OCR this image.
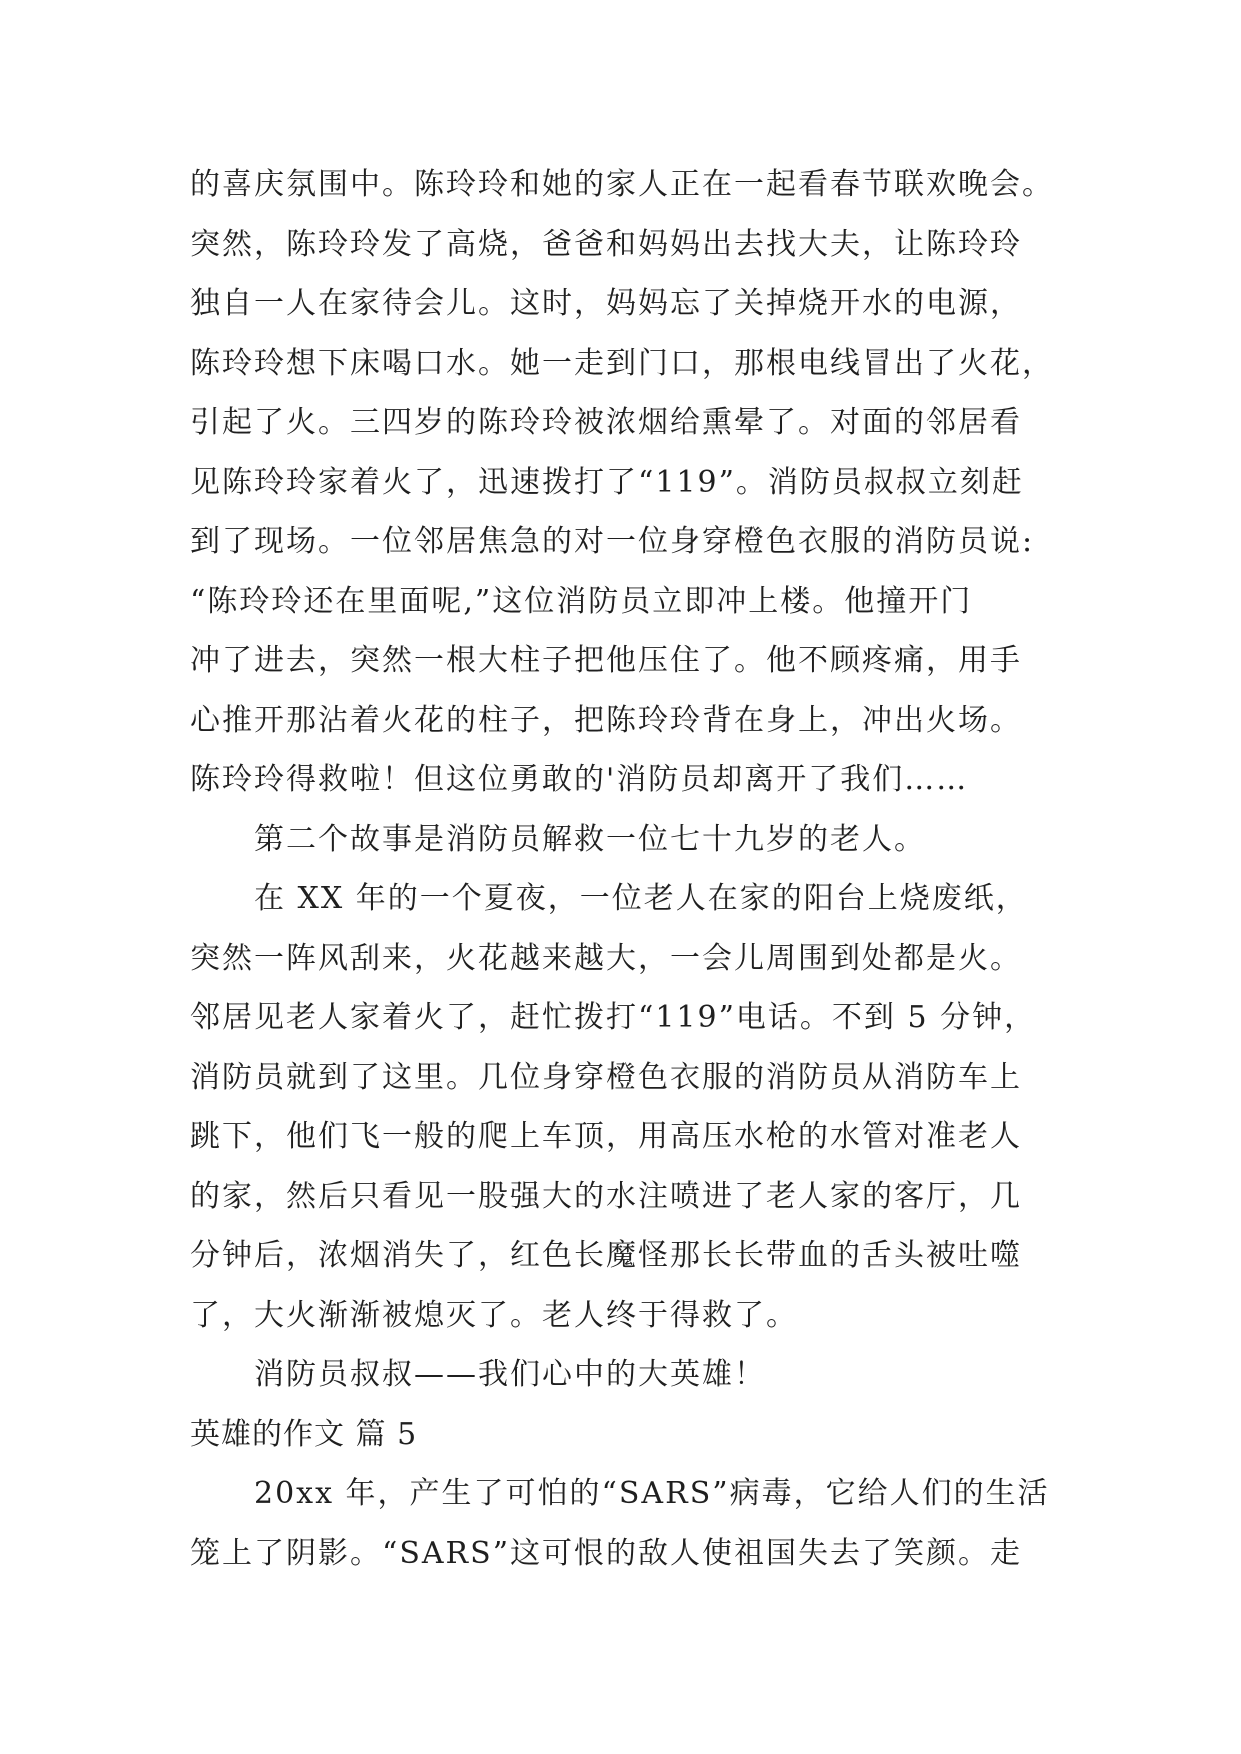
的喜庆氛围中。陈玲玲和她的家人正在一起看春节联欢晚会。
突然，陈玲玲发了高烧，爸爸和妈妈出去找大夫，让陈玲玲
独自一人在家待会儿。这时，妈妈忘了关掉烧开水的电源，
陈玲玲想下床喝口水。她一走到门口，那根电线冒出了火花，
引起了火。三四岁的陈玲玲被浓烟给熏晕了。对面的邻居看
见陈玲玲家着火了，迅速拨打了“119”。消防员叔叔立刻赶
到了现场。一位邻居焦急的对一位身穿橙色衣服的消防员说:
“陈玲玲还在里面呢,”这位消防员立即冲上楼。他撞开门
冲了进去，突然一根大柱子把他压住了。他不顾疼痛，用手
心推开那沾着火花的柱子，把陈玲玲背在身上，冲出火场。
陈玲玲得救啦！但这位勇敢的'消防员却离开了我们……
第二个故事是消防员解救一位七十九岁的老人。
在 XX 年的一个夏夜，一位老人在家的阳台上烧废纸，
突然一阵风刮来，火花越来越大，一会儿周围到处都是火。
邻居见老人家着火了，赶忙拨打“119”电话。不到 5 分钟，
消防员就到了这里。几位身穿橙色衣服的消防员从消防车上
跳下，他们飞一般的爬上车顶，用高压水枪的水管对准老人
的家，然后只看见一股强大的水注喷进了老人家的客厅，几
分钟后，浓烟消失了，红色长魔怪那长长带血的舌头被吐噬
了，大火渐渐被熄灭了。老人终于得救了。
消防员叔叔——我们心中的大英雄！
英雄的作文 篇 5
20xx 年，产生了可怕的“SARS”病毒，它给人们的生活
笼上了阴影。“SARS”这可恨的敌人使祖国失去了笑颜。走
